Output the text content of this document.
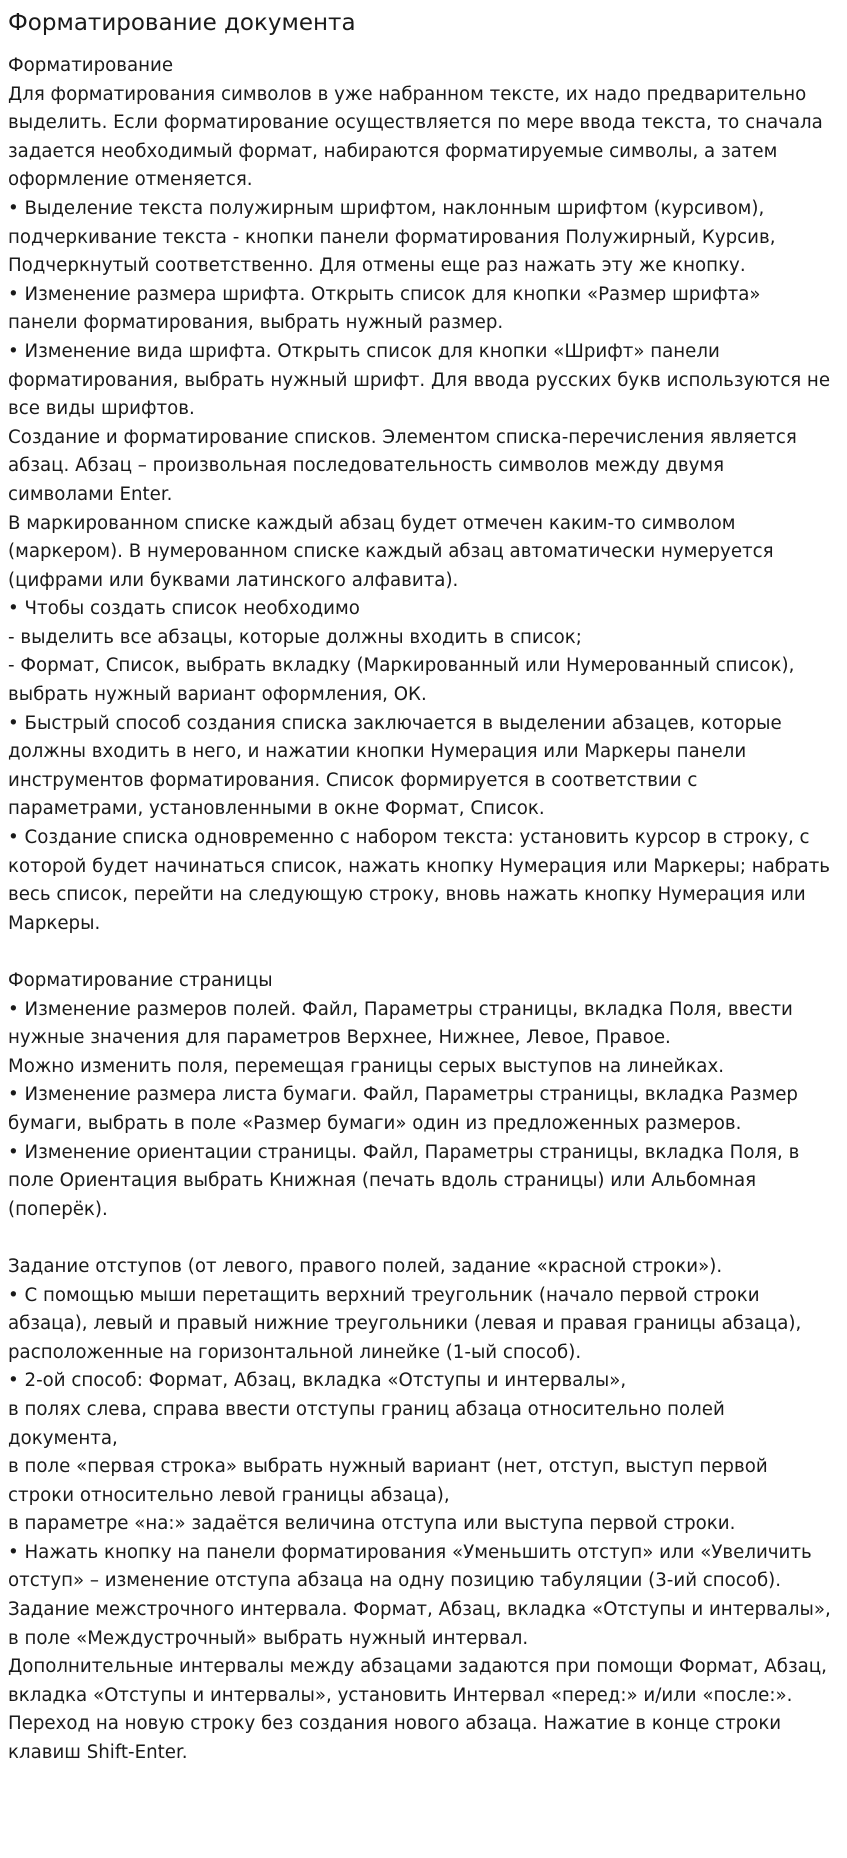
Форматирование документа
Форматирование
Для форматирования символов в уже набранном тексте, их надо предварительно выделить. Если форматирование осуществляется по мере ввода текста, то сначала задается необходимый формат, набираются форматируемые символы, а затем оформление отменяется.
• Выделение текста полужирным шрифтом, наклонным шрифтом (курсивом), подчеркивание текста - кнопки панели форматирования Полужирный, Курсив, Подчеркнутый соответственно. Для отмены еще раз нажать эту же кнопку.
• Изменение размера шрифта. Открыть список для кнопки «Размер шрифта» панели форматирования, выбрать нужный размер.
• Изменение вида шрифта. Открыть список для кнопки «Шрифт» панели форматирования, выбрать нужный шрифт. Для ввода русских букв используются не все виды шрифтов.
Создание и форматирование списков. Элементом списка-перечисления является абзац. Абзац – произвольная последовательность символов между двумя символами Enter.
В маркированном списке каждый абзац будет отмечен каким-то символом (маркером). В нумерованном списке каждый абзац автоматически нумеруется (цифрами или буквами латинского алфавита).
• Чтобы создать список необходимо
- выделить все абзацы, которые должны входить в список;
- Формат, Список, выбрать вкладку (Маркированный или Нумерованный список), выбрать нужный вариант оформления, ОК.
• Быстрый способ создания списка заключается в выделении абзацев, которые должны входить в него, и нажатии кнопки Нумерация или Маркеры панели инструментов форматирования. Список формируется в соответствии с параметрами, установленными в окне Формат, Список.
• Создание списка одновременно с набором текста: установить курсор в строку, с которой будет начинаться список, нажать кнопку Нумерация или Маркеры; набрать весь список, перейти на следующую строку, вновь нажать кнопку Нумерация или Маркеры.
Форматирование страницы
• Изменение размеров полей. Файл, Параметры страницы, вкладка Поля, ввести нужные значения для параметров Верхнее, Нижнее, Левое, Правое.
Можно изменить поля, перемещая границы серых выступов на линейках.
• Изменение размера листа бумаги. Файл, Параметры страницы, вкладка Размер бумаги, выбрать в поле «Размер бумаги» один из предложенных размеров.
• Изменение ориентации страницы. Файл, Параметры страницы, вкладка Поля, в поле Ориентация выбрать Книжная (печать вдоль страницы) или Альбомная (поперёк).
Задание отступов (от левого, правого полей, задание «красной строки»).
• С помощью мыши перетащить верхний треугольник (начало первой строки абзаца), левый и правый нижние треугольники (левая и правая границы абзаца), расположенные на горизонтальной линейке (1-ый способ).
• 2-ой способ: Формат, Абзац, вкладка «Отступы и интервалы»,
в полях слева, справа ввести отступы границ абзаца относительно полей документа,
в поле «первая строка» выбрать нужный вариант (нет, отступ, выступ первой строки относительно левой границы абзаца),
в параметре «на:» задаётся величина отступа или выступа первой строки.
• Нажать кнопку на панели форматирования «Уменьшить отступ» или «Увеличить отступ» – изменение отступа абзаца на одну позицию табуляции (3-ий способ).
Задание межстрочного интервала. Формат, Абзац, вкладка «Отступы и интервалы», в поле «Междустрочный» выбрать нужный интервал.
Дополнительные интервалы между абзацами задаются при помощи Формат, Абзац, вкладка «Отступы и интервалы», установить Интервал «перед:» и/или «после:».
Переход на новую строку без создания нового абзаца. Нажатие в конце строки клавиш Shift-Enter.
